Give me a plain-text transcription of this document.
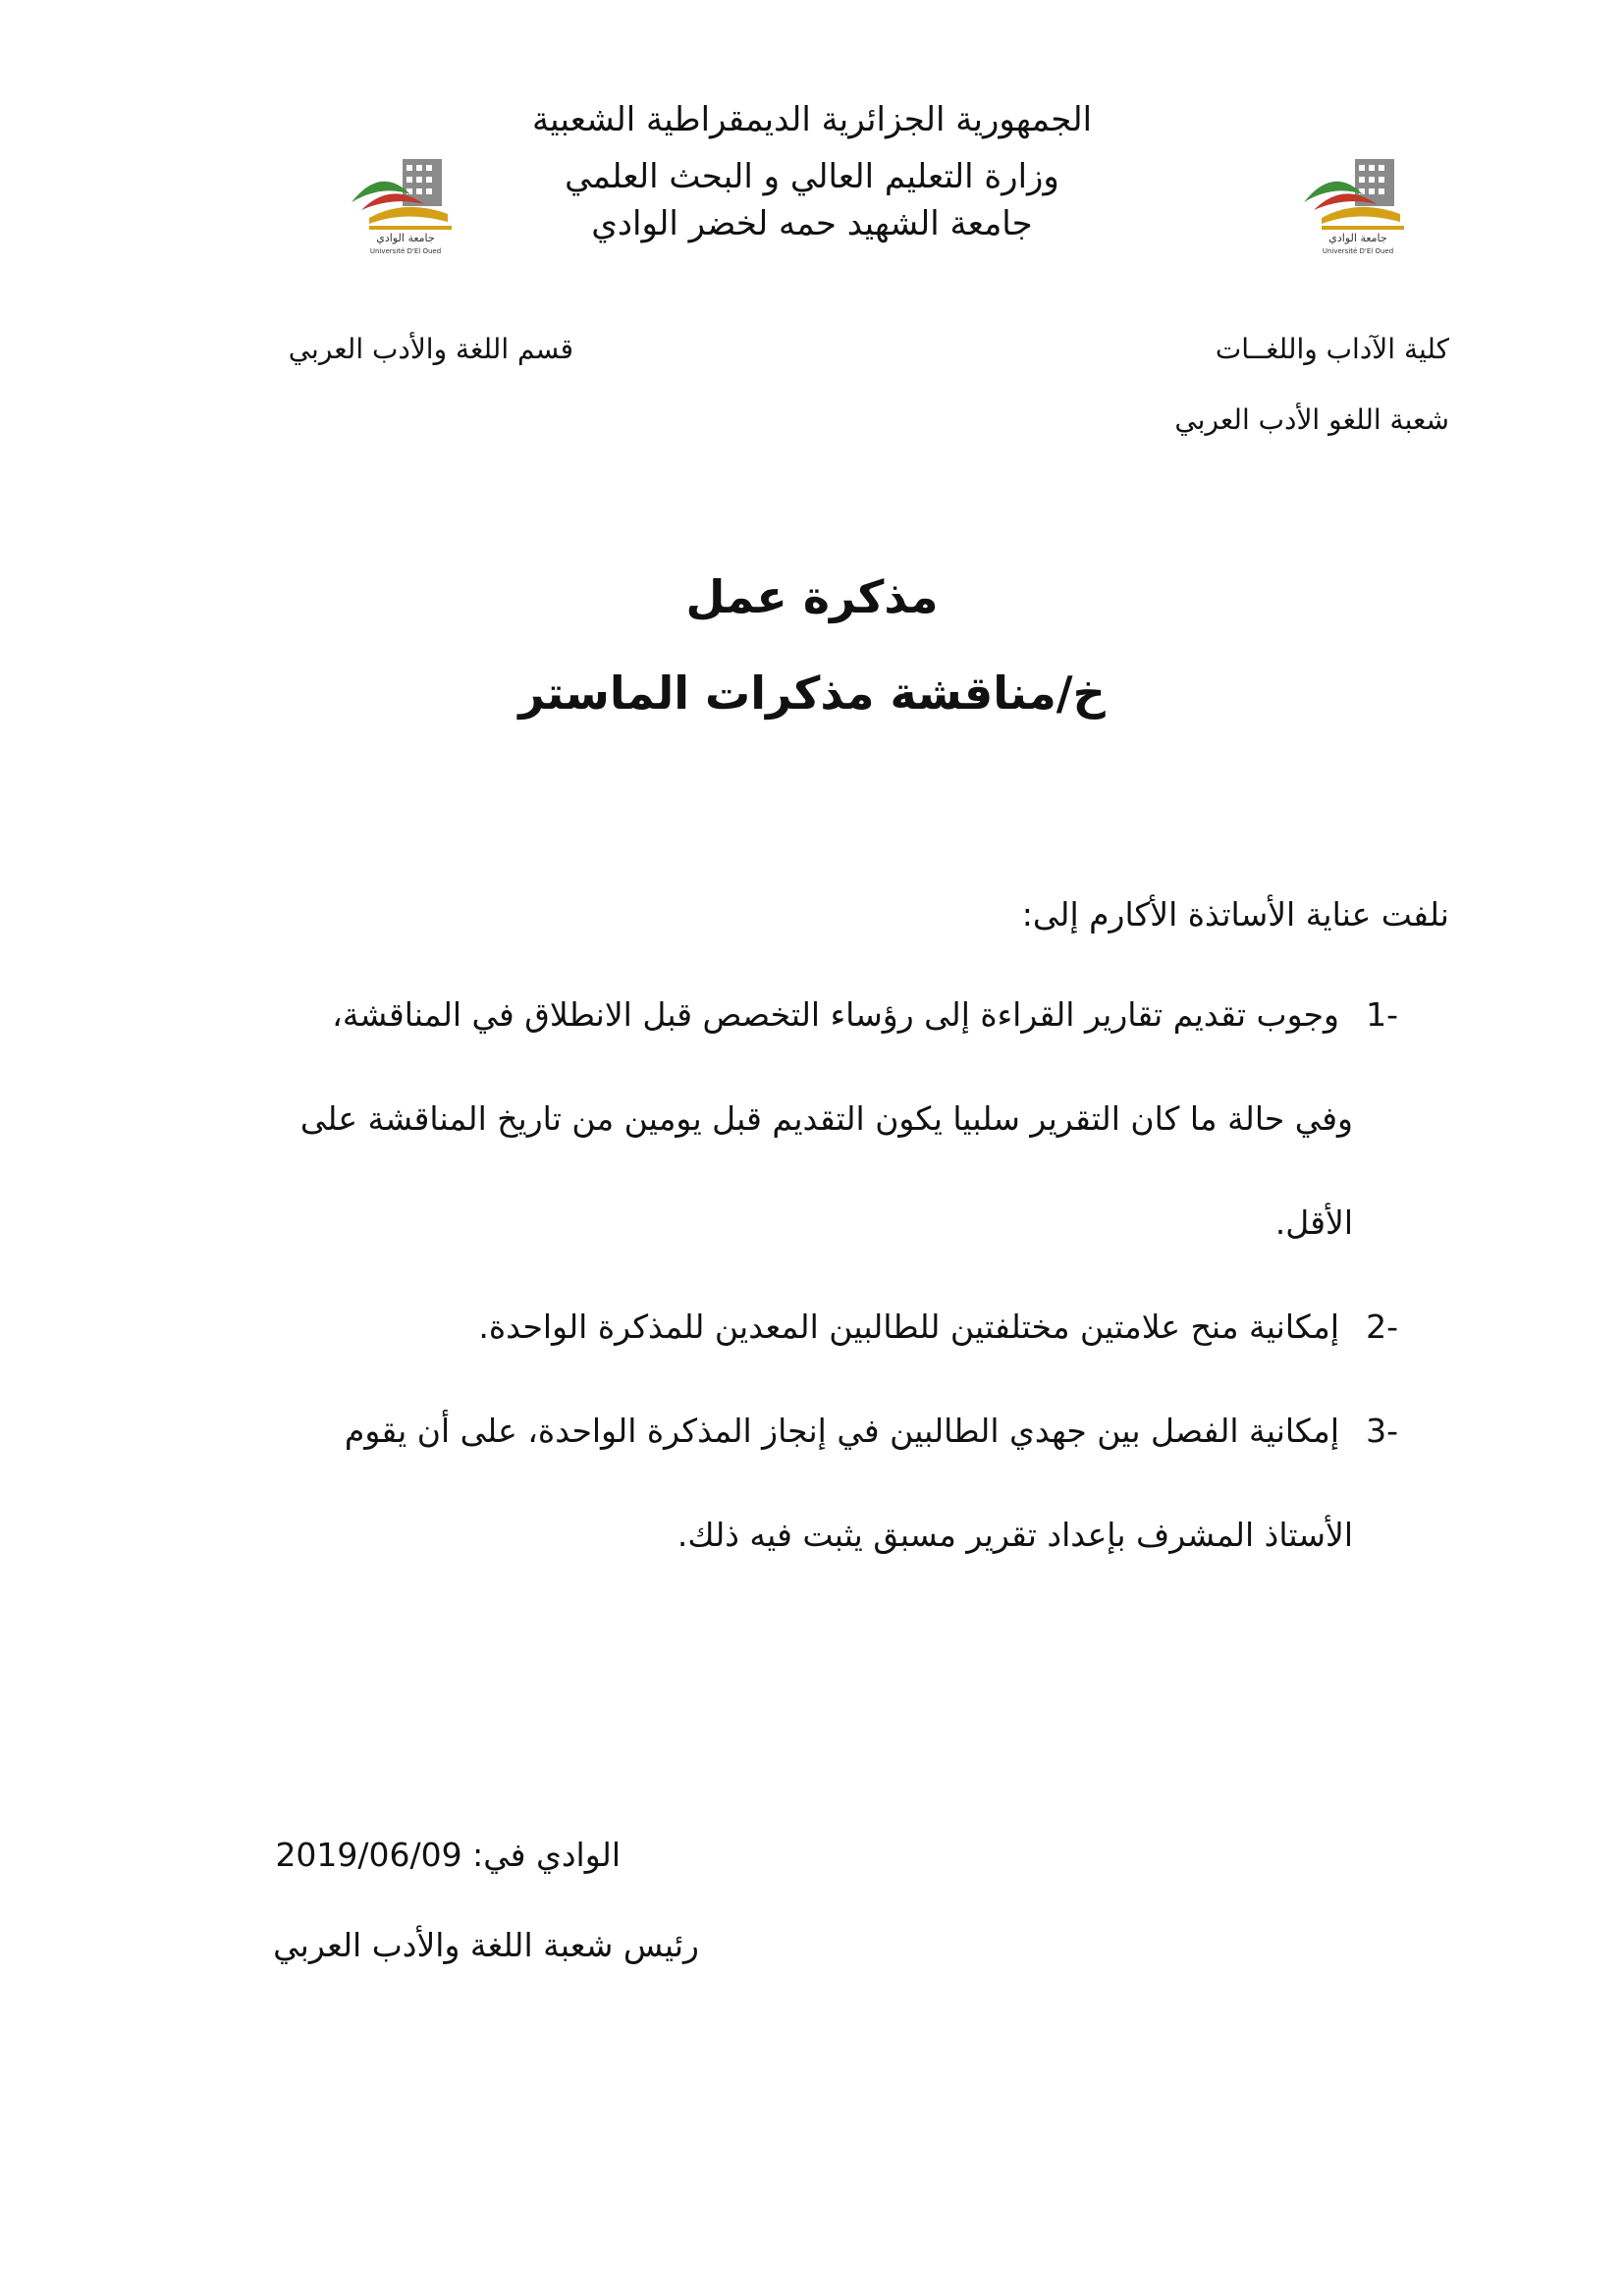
الجمهورية الجزائرية الديمقراطية الشعبية
وزارة التعليم العالي و البحث العلمي
جامعة الشهيد حمه لخضر الوادي
جامعة الوادي
Université D'El Oued
جامعة الوادي
Université D'El Oued
كلية الآداب واللغــات
شعبة اللغو الأدب العربي
قسم اللغة والأدب العربي
مذكرة عمل
خ/مناقشة مذكرات الماستر
نلفت عناية الأساتذة الأكارم إلى:
1-
وجوب تقديم تقارير القراءة إلى رؤساء التخصص قبل الانطلاق في المناقشة،
وفي حالة ما كان التقرير سلبيا يكون التقديم قبل يومين من تاريخ المناقشة على
الأقل.
2-
إمكانية منح علامتين مختلفتين للطالبين المعدين للمذكرة الواحدة.
3-
إمكانية الفصل بين جهدي الطالبين في إنجاز المذكرة الواحدة، على أن يقوم
الأستاذ المشرف بإعداد تقرير مسبق يثبت فيه ذلك.
الوادي في: 2019/06/09
رئيس شعبة اللغة والأدب العربي
